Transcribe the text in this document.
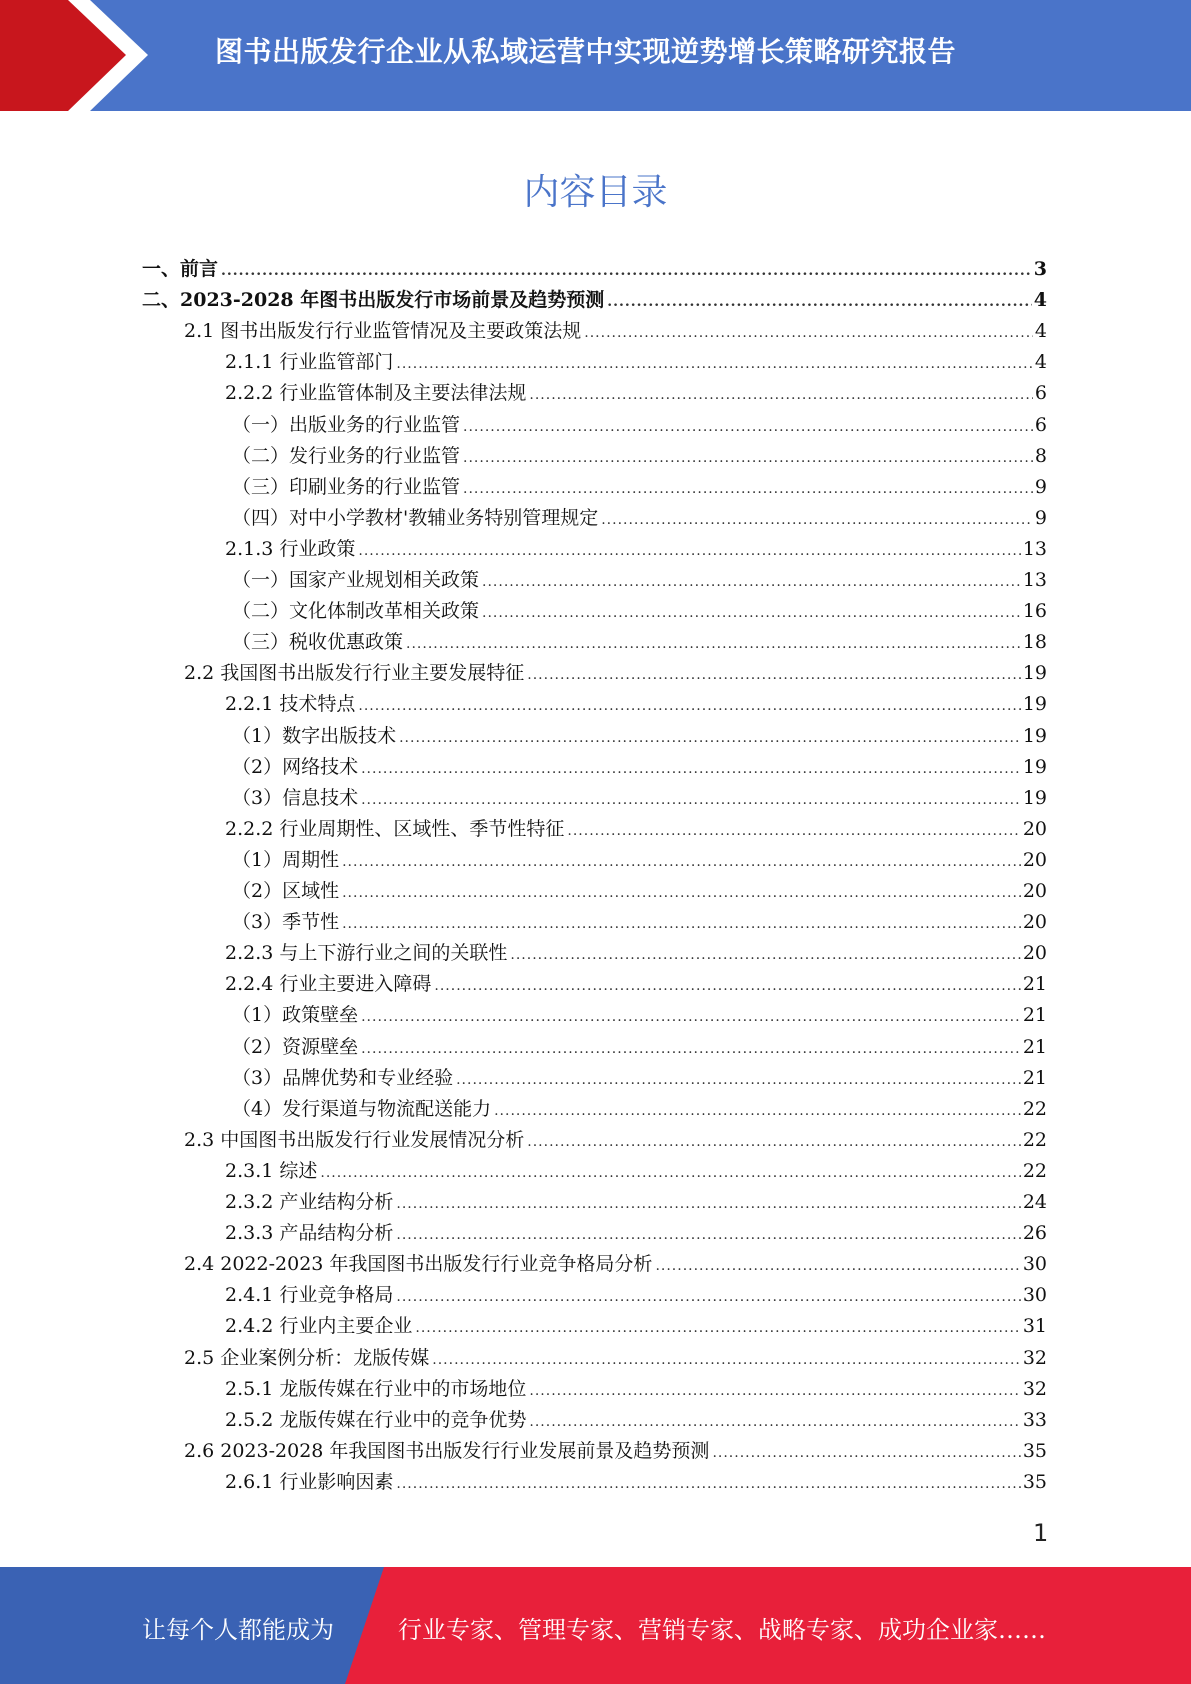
图书出版发行企业从私域运营中实现逆势增长策略研究报告
内容目录
一、前言 .....	3
二、2023-2028 年图书出版发行市场前景及趋势预测 .....	4
2.1 图书出版发行行业监管情况及主要政策法规 .....	4
2.1.1 行业监管部门 .....	4
2.2.2 行业监管体制及主要法律法规 .....	6
（一）出版业务的行业监管 .....	6
（二）发行业务的行业监管 .....	8
（三）印刷业务的行业监管 .....	9
（四）对中小学教材'教辅业务特别管理规定 .....	9
2.1.3 行业政策 .....	13
（一）国家产业规划相关政策 .....	13
（二）文化体制改革相关政策 .....	16
（三）税收优惠政策 .....	18
2.2 我国图书出版发行行业主要发展特征 .....	19
2.2.1 技术特点 .....	19
（1）数字出版技术 .....	19
（2）网络技术 .....	19
（3）信息技术 .....	19
2.2.2 行业周期性、区域性、季节性特征 .....	20
（1）周期性 .....	20
（2）区域性 .....	20
（3）季节性 .....	20
2.2.3 与上下游行业之间的关联性 .....	20
2.2.4 行业主要进入障碍 .....	21
（1）政策壁垒 .....	21
（2）资源壁垒 .....	21
（3）品牌优势和专业经验 .....	21
（4）发行渠道与物流配送能力 .....	22
2.3 中国图书出版发行行业发展情况分析 .....	22
2.3.1 综述 .....	22
2.3.2 产业结构分析 .....	24
2.3.3 产品结构分析 .....	26
2.4 2022-2023 年我国图书出版发行行业竞争格局分析 .....	30
2.4.1 行业竞争格局 .....	30
2.4.2 行业内主要企业 .....	31
2.5 企业案例分析：龙版传媒 .....	32
2.5.1 龙版传媒在行业中的市场地位 .....	32
2.5.2 龙版传媒在行业中的竞争优势 .....	33
2.6 2023-2028 年我国图书出版发行行业发展前景及趋势预测 .....	35
2.6.1 行业影响因素 .....	35
1
让每个人都能成为	行业专家、管理专家、营销专家、战略专家、成功企业家……
